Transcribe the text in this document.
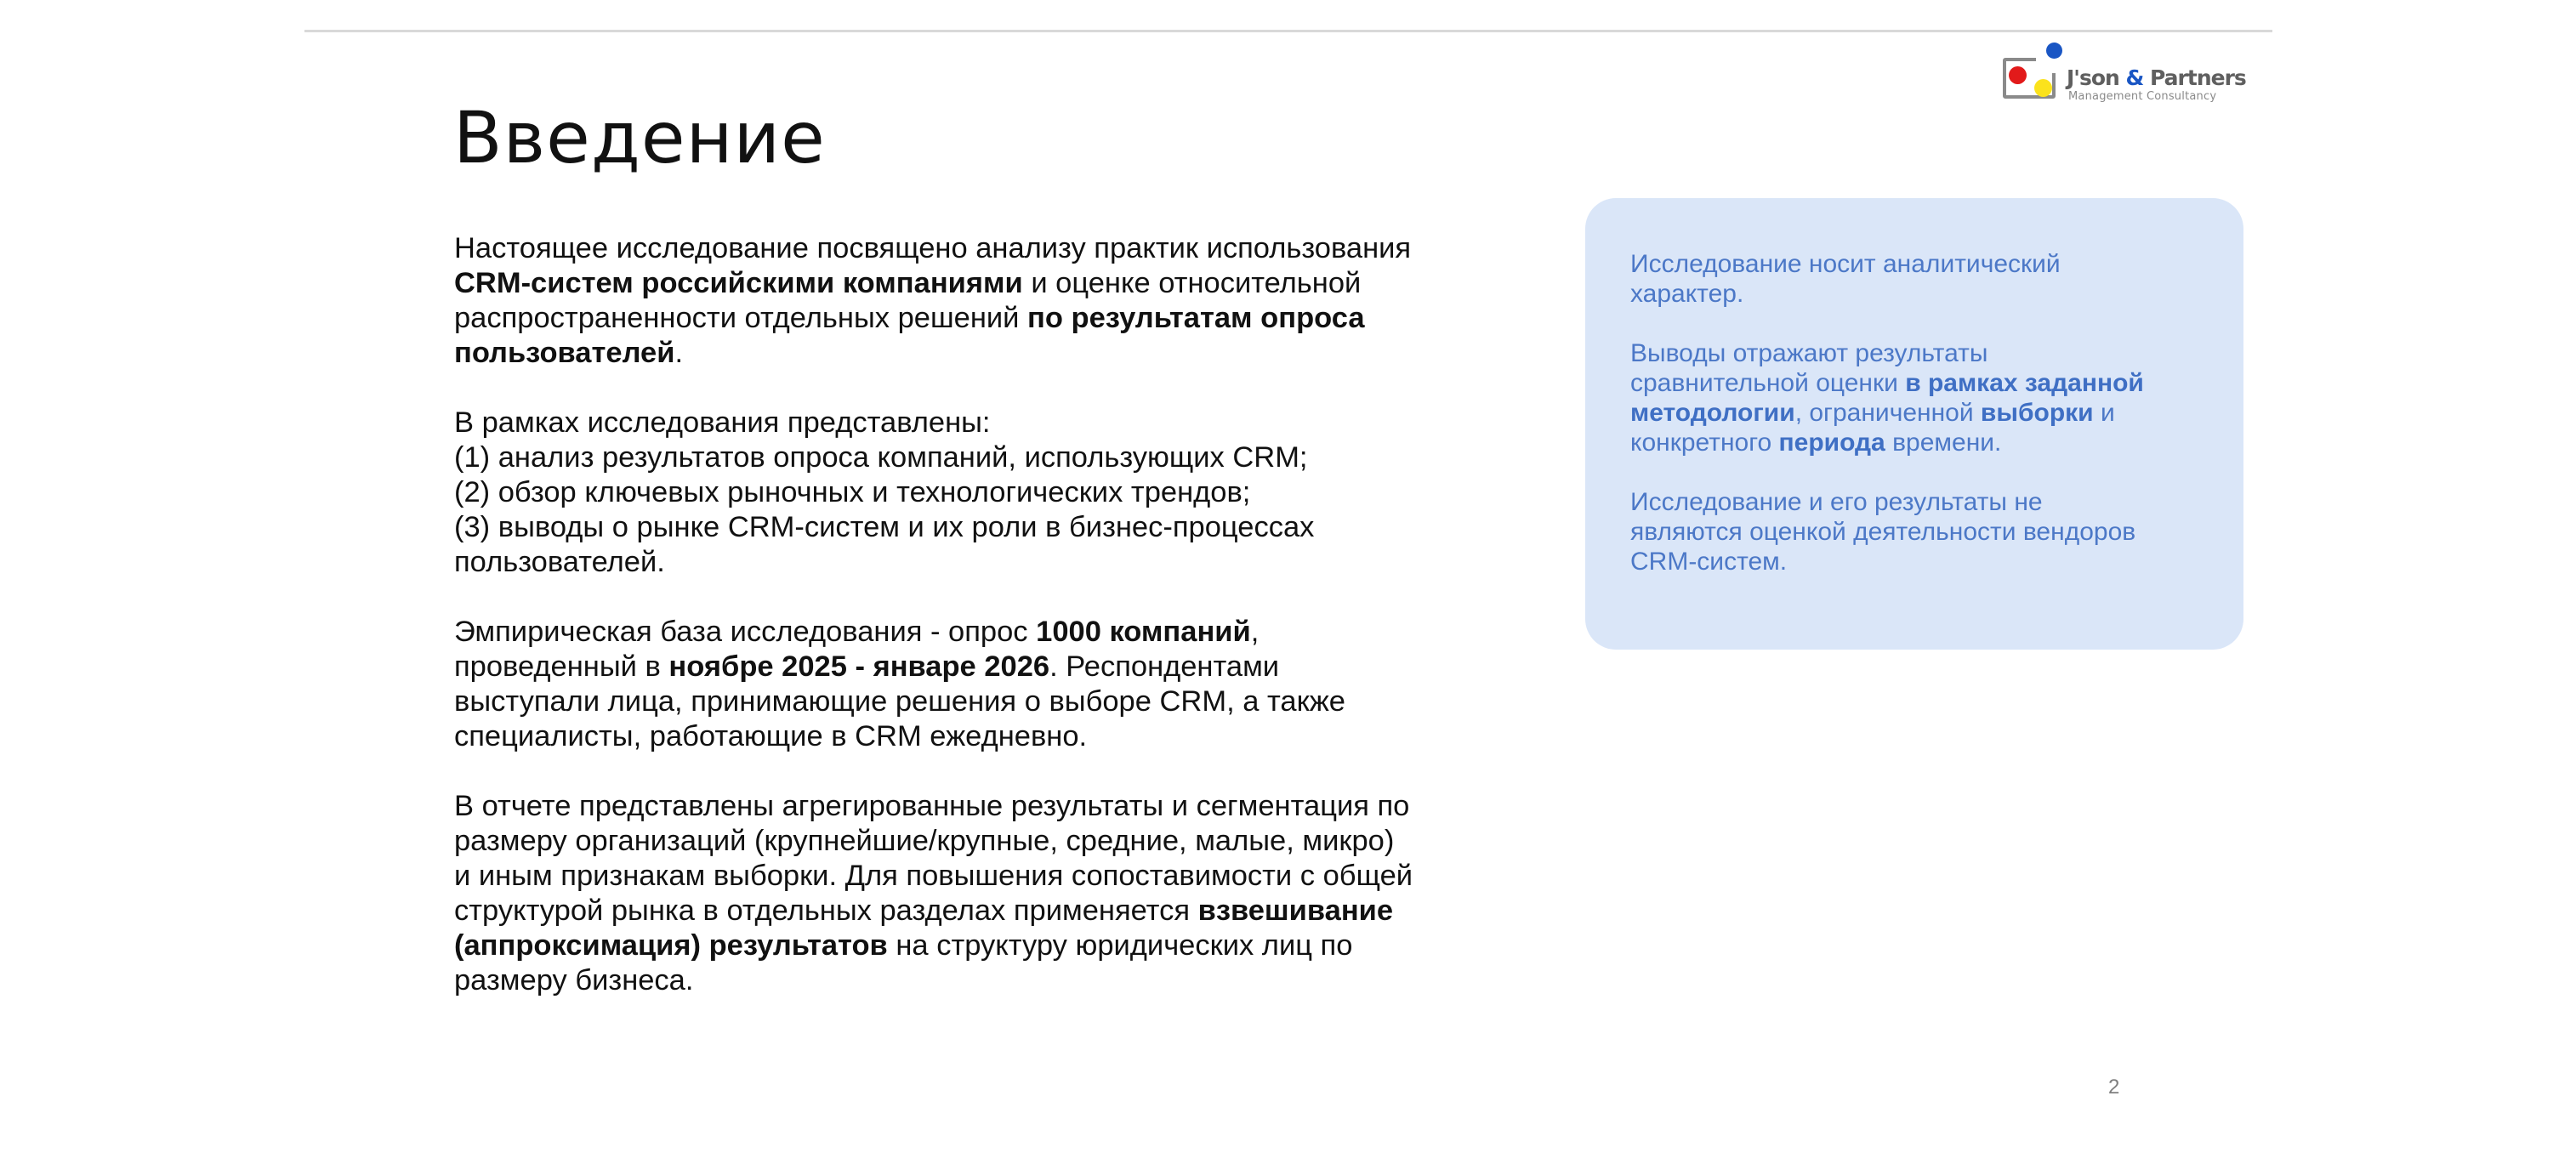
J'son & Partners
Management Consultancy
Введение

Настоящее исследование посвящено анализу практик использования
CRM-систем российскими компаниями и оценке относительной
распространенности отдельных решений по результатам опроса
пользователей.

В рамках исследования представлены:
(1) анализ результатов опроса компаний, использующих CRM;
(2) обзор ключевых рыночных и технологических трендов;
(3) выводы о рынке CRM-систем и их роли в бизнес-процессах
пользователей.

Эмпирическая база исследования - опрос 1000 компаний,
проведенный в ноябре 2025 - январе 2026. Респондентами
выступали лица, принимающие решения о выборе CRM, а также
специалисты, работающие в CRM ежедневно.

В отчете представлены агрегированные результаты и сегментация по
размеру организаций (крупнейшие/крупные, средние, малые, микро)
и иным признакам выборки. Для повышения сопоставимости с общей
структурой рынка в отдельных разделах применяется взвешивание
(аппроксимация) результатов на структуру юридических лиц по
размеру бизнеса.

Исследование носит аналитический
характер.

Выводы отражают результаты
сравнительной оценки в рамках заданной
методологии, ограниченной выборки и
конкретного периода времени.

Исследование и его результаты не
являются оценкой деятельности вендоров
CRM-систем.

2
